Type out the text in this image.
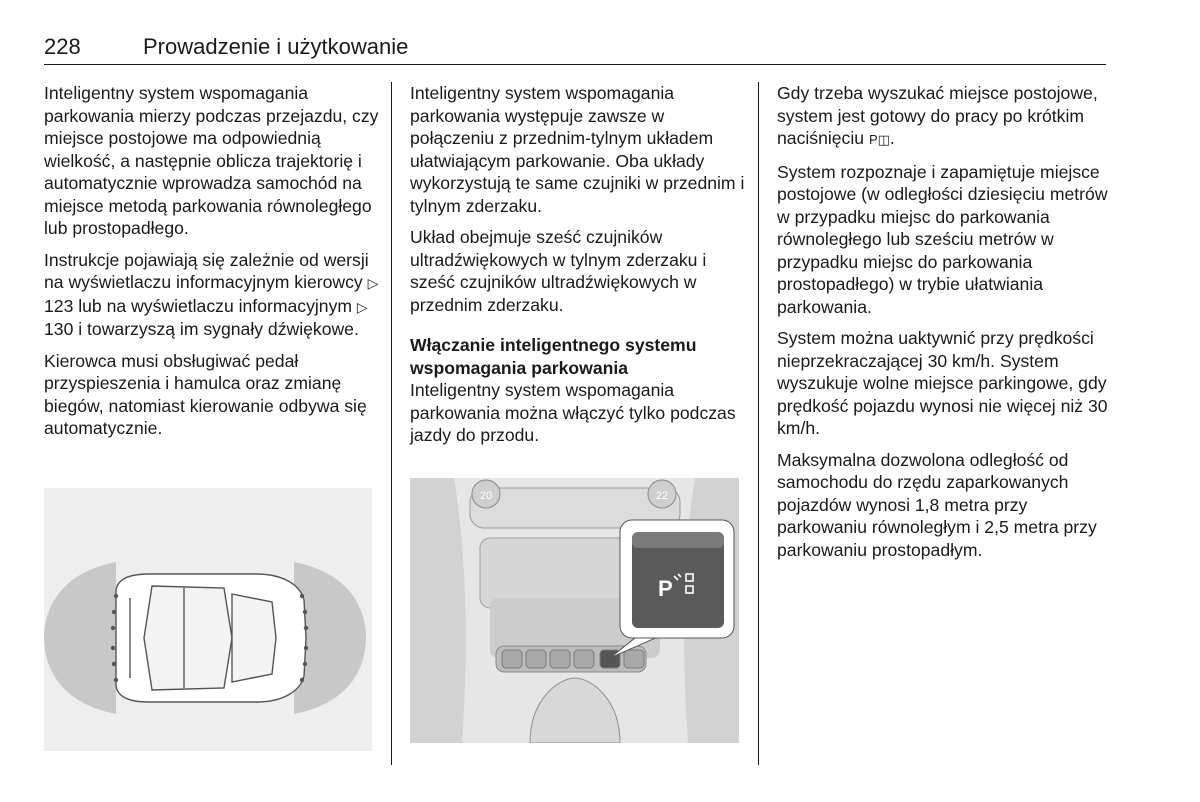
228	Prowadzenie i użytkowanie

Inteligentny system wspomagania parkowania mierzy podczas przejazdu, czy miejsce postojowe ma odpowiednią wielkość, a następnie oblicza trajektorię i automatycznie wprowadza samochód na miejsce metodą parkowania równoległego lub prostopadłego.

Instrukcje pojawiają się zależnie od wersji na wyświetlaczu informacyjnym kierowcy ▷ 123 lub na wyświetlaczu informacyjnym ▷ 130 i towarzyszą im sygnały dźwiękowe.

Kierowca musi obsługiwać pedał przyspieszenia i hamulca oraz zmianę biegów, natomiast kierowanie odbywa się automatycznie.

Inteligentny system wspomagania parkowania występuje zawsze w połączeniu z przednim-tylnym układem ułatwiającym parkowanie. Oba układy wykorzystują te same czujniki w przednim i tylnym zderzaku.

Układ obejmuje sześć czujników ultradźwiękowych w tylnym zderzaku i sześć czujników ultradźwiękowych w przednim zderzaku.

Włączanie inteligentnego systemu wspomagania parkowania

Inteligentny system wspomagania parkowania można włączyć tylko podczas jazdy do przodu.

20	22
P

Gdy trzeba wyszukać miejsce postojowe, system jest gotowy do pracy po krótkim naciśnięciu P◫.

System rozpoznaje i zapamiętuje miejsce postojowe (w odległości dziesięciu metrów w przypadku miejsc do parkowania równoległego lub sześciu metrów w przypadku miejsc do parkowania prostopadłego) w trybie ułatwiania parkowania.

System można uaktywnić przy prędkości nieprzekraczającej 30 km/h. System wyszukuje wolne miejsce parkingowe, gdy prędkość pojazdu wynosi nie więcej niż 30 km/h.

Maksymalna dozwolona odległość od samochodu do rzędu zaparkowanych pojazdów wynosi 1,8 metra przy parkowaniu równoległym i 2,5 metra przy parkowaniu prostopadłym.
